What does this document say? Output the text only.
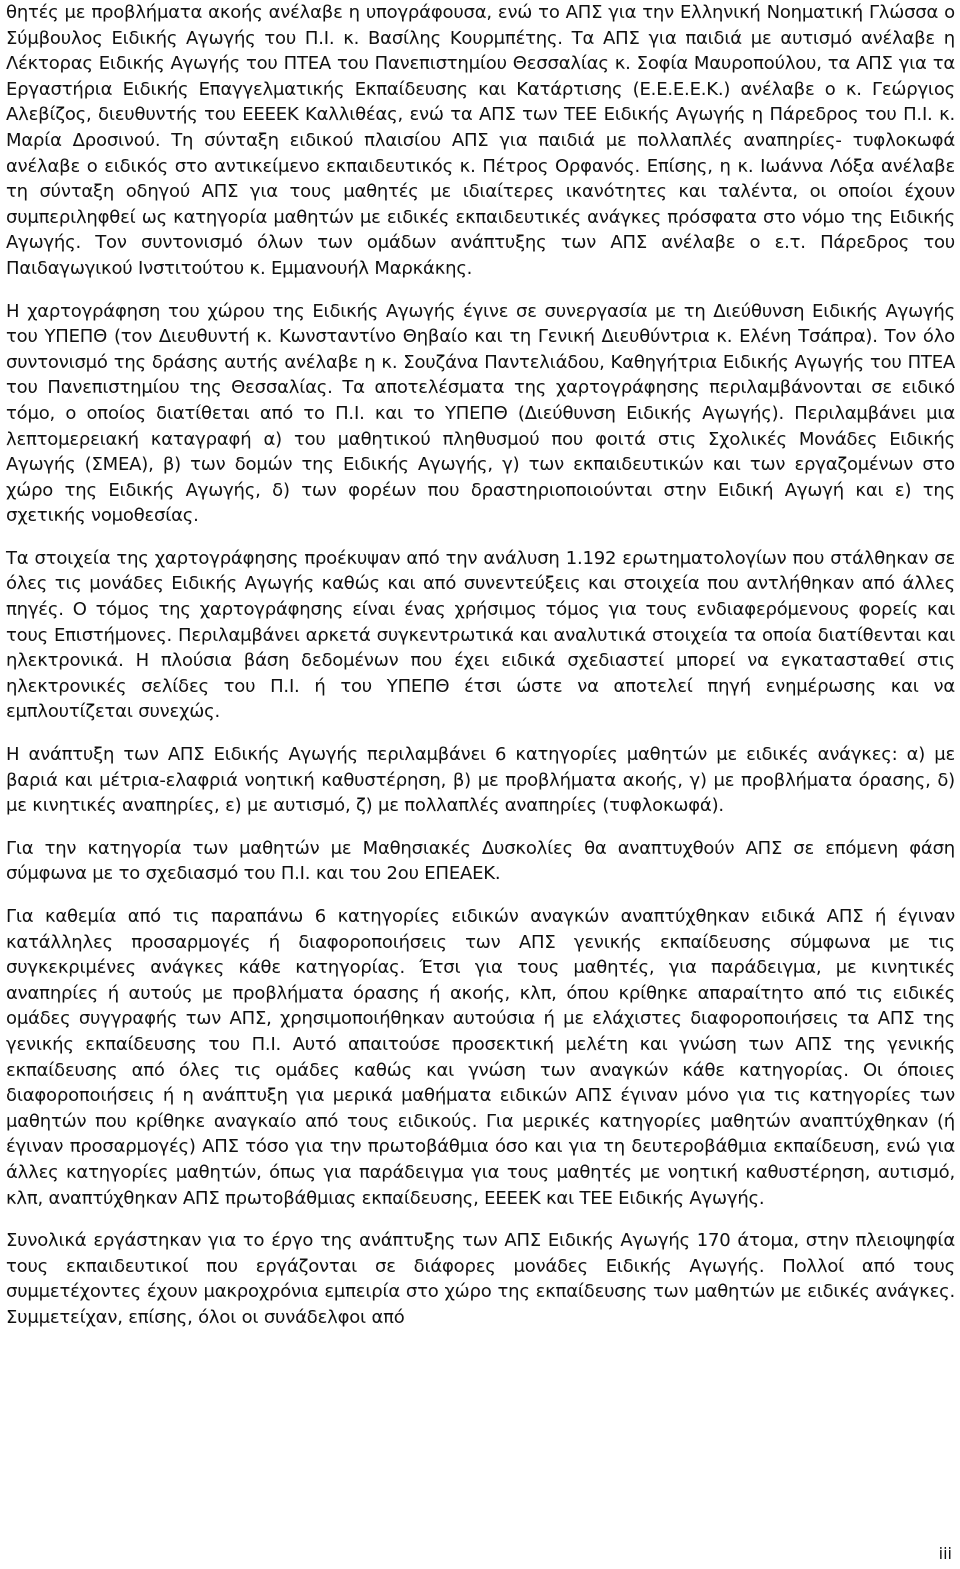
θητές με προβλήματα ακοής ανέλαβε η υπογράφουσα, ενώ το ΑΠΣ για την Ελληνική Νοηματική Γλώσσα ο Σύμβουλος Ειδικής Αγωγής του Π.Ι. κ. Βασίλης Κουρμπέτης. Τα ΑΠΣ για παιδιά με αυτισμό ανέλαβε η Λέκτορας Ειδικής Αγωγής του ΠΤΕΑ του Πανεπιστημίου Θεσσαλίας κ. Σοφία Μαυροπούλου, τα ΑΠΣ για τα Εργαστήρια Ειδικής Επαγγελματικής Εκπαίδευσης και Κατάρτισης (Ε.Ε.Ε.Ε.Κ.) ανέλαβε ο κ. Γεώργιος Αλεβίζος, διευθυντής του ΕΕΕΕΚ Καλλιθέας, ενώ τα ΑΠΣ των ΤΕΕ Ειδικής Αγωγής η Πάρεδρος του Π.Ι. κ. Μαρία Δροσινού. Τη σύνταξη ειδικού πλαισίου ΑΠΣ για παιδιά με πολλαπλές αναπηρίες- τυφλοκωφά ανέλαβε ο ειδικός στο αντικείμενο εκπαιδευτικός κ. Πέτρος Ορφανός. Επίσης, η κ. Ιωάννα Λόξα ανέλαβε τη σύνταξη οδηγού ΑΠΣ για τους μαθητές με ιδιαίτερες ικανότητες και ταλέντα, οι οποίοι έχουν συμπεριληφθεί ως κατηγορία μαθητών με ειδικές εκπαιδευτικές ανάγκες πρόσφατα στο νόμο της Ειδικής Αγωγής. Τον συντονισμό όλων των ομάδων ανάπτυξης των ΑΠΣ ανέλαβε ο ε.τ. Πάρεδρος του Παιδαγωγικού Ινστιτούτου κ. Εμμανουήλ Μαρκάκης.

Η χαρτογράφηση του χώρου της Ειδικής Αγωγής έγινε σε συνεργασία με τη Διεύθυνση Ειδικής Αγωγής του ΥΠΕΠΘ (τον Διευθυντή κ. Κωνσταντίνο Θηβαίο και τη Γενική Διευθύντρια κ. Ελένη Τσάπρα). Τον όλο συντονισμό της δράσης αυτής ανέλαβε η κ. Σουζάνα Παντελιάδου, Καθηγήτρια Ειδικής Αγωγής του ΠΤΕΑ του Πανεπιστημίου της Θεσσαλίας. Τα αποτελέσματα της χαρτογράφησης περιλαμβάνονται σε ειδικό τόμο, ο οποίος διατίθεται από το Π.Ι. και το ΥΠΕΠΘ (Διεύθυνση Ειδικής Αγωγής). Περιλαμβάνει μια λεπτομερειακή καταγραφή α) του μαθητικού πληθυσμού που φοιτά στις Σχολικές Μονάδες Ειδικής Αγωγής (ΣΜΕΑ), β) των δομών της Ειδικής Αγωγής, γ) των εκπαιδευτικών και των εργαζομένων στο χώρο της Ειδικής Αγωγής, δ) των φορέων που δραστηριοποιούνται στην Ειδική Αγωγή και ε) της σχετικής νομοθεσίας.

Τα στοιχεία της χαρτογράφησης προέκυψαν από την ανάλυση 1.192 ερωτηματολογίων που στάλθηκαν σε όλες τις μονάδες Ειδικής Αγωγής καθώς και από συνεντεύξεις και στοιχεία που αντλήθηκαν από άλλες πηγές. Ο τόμος της χαρτογράφησης είναι ένας χρήσιμος τόμος για τους ενδιαφερόμενους φορείς και τους Επιστήμονες. Περιλαμβάνει αρκετά συγκεντρωτικά και αναλυτικά στοιχεία τα οποία διατίθενται και ηλεκτρονικά. Η πλούσια βάση δεδομένων που έχει ειδικά σχεδιαστεί μπορεί να εγκατασταθεί στις ηλεκτρονικές σελίδες του Π.Ι. ή του ΥΠΕΠΘ έτσι ώστε να αποτελεί πηγή ενημέρωσης και να εμπλουτίζεται συνεχώς.

Η ανάπτυξη των ΑΠΣ Ειδικής Αγωγής περιλαμβάνει 6 κατηγορίες μαθητών με ειδικές ανάγκες: α) με βαριά και μέτρια-ελαφριά νοητική καθυστέρηση, β) με προβλήματα ακοής, γ) με προβλήματα όρασης, δ) με κινητικές αναπηρίες, ε) με αυτισμό, ζ) με πολλαπλές αναπηρίες (τυφλοκωφά).

Για την κατηγορία των μαθητών με Μαθησιακές Δυσκολίες θα αναπτυχθούν ΑΠΣ σε επόμενη φάση σύμφωνα με το σχεδιασμό του Π.Ι. και του 2ου ΕΠΕΑΕΚ.

Για καθεμία από τις παραπάνω 6 κατηγορίες ειδικών αναγκών αναπτύχθηκαν ειδικά ΑΠΣ ή έγιναν κατάλληλες προσαρμογές ή διαφοροποιήσεις των ΑΠΣ γενικής εκπαίδευσης σύμφωνα με τις συγκεκριμένες ανάγκες κάθε κατηγορίας. Έτσι για τους μαθητές, για παράδειγμα, με κινητικές αναπηρίες ή αυτούς με προβλήματα όρασης ή ακοής, κλπ, όπου κρίθηκε απαραίτητο από τις ειδικές ομάδες συγγραφής των ΑΠΣ, χρησιμοποιήθηκαν αυτούσια ή με ελάχιστες διαφοροποιήσεις τα ΑΠΣ της γενικής εκπαίδευσης του Π.Ι. Αυτό απαιτούσε προσεκτική μελέτη και γνώση των ΑΠΣ της γενικής εκπαίδευσης από όλες τις ομάδες καθώς και γνώση των αναγκών κάθε κατηγορίας. Οι όποιες διαφοροποιήσεις ή η ανάπτυξη για μερικά μαθήματα ειδικών ΑΠΣ έγιναν μόνο για τις κατηγορίες των μαθητών που κρίθηκε αναγκαίο από τους ειδικούς. Για μερικές κατηγορίες μαθητών αναπτύχθηκαν (ή έγιναν προσαρμογές) ΑΠΣ τόσο για την πρωτοβάθμια όσο και για τη δευτεροβάθμια εκπαίδευση, ενώ για άλλες κατηγορίες μαθητών, όπως για παράδειγμα για τους μαθητές με νοητική καθυστέρηση, αυτισμό, κλπ, αναπτύχθηκαν ΑΠΣ πρωτοβάθμιας εκπαίδευσης, ΕΕΕΕΚ και ΤΕΕ Ειδικής Αγωγής.

Συνολικά εργάστηκαν για το έργο της ανάπτυξης των ΑΠΣ Ειδικής Αγωγής 170 άτομα, στην πλειοψηφία τους εκπαιδευτικοί που εργάζονται σε διάφορες μονάδες Ειδικής Αγωγής. Πολλοί από τους συμμετέχοντες έχουν μακροχρόνια εμπειρία στο χώρο της εκπαίδευσης των μαθητών με ειδικές ανάγκες. Συμμετείχαν, επίσης, όλοι οι συνάδελφοι από

iii
